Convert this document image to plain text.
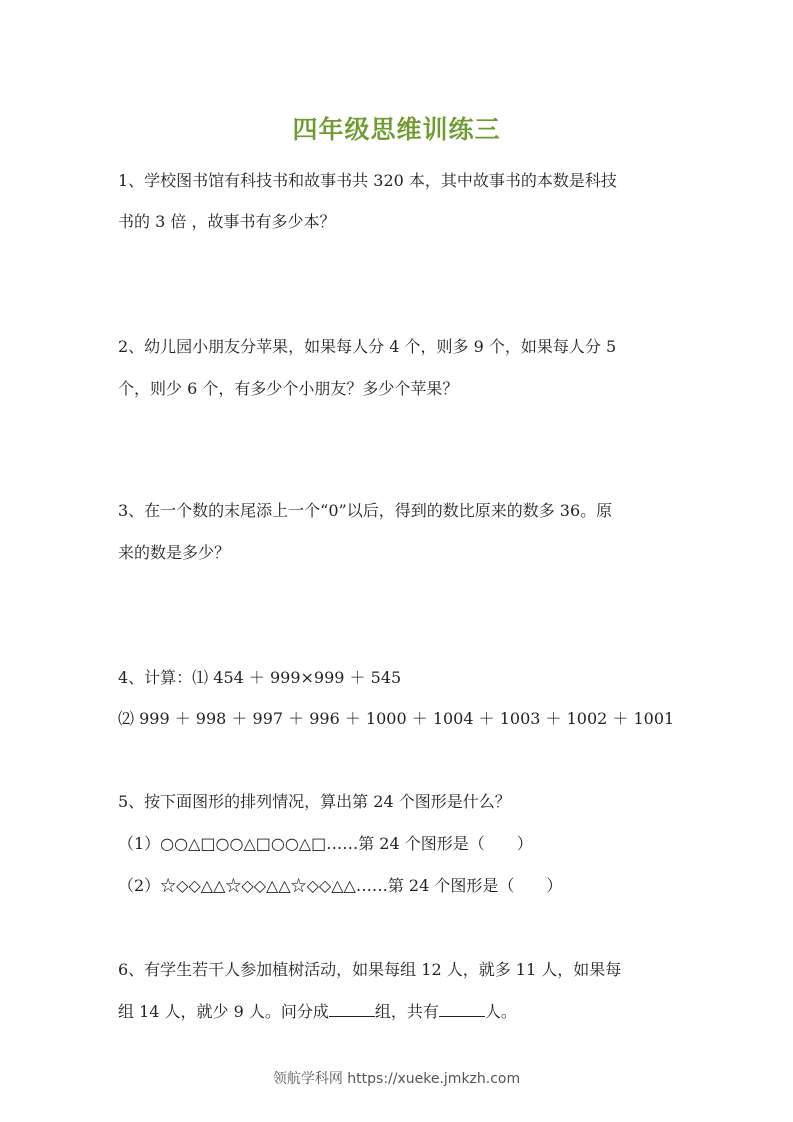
四年级思维训练三
1、学校图书馆有科技书和故事书共 320 本，其中故事书的本数是科技
书的 3 倍 ，故事书有多少本？
2、幼儿园小朋友分苹果，如果每人分 4 个，则多 9 个，如果每人分 5
个，则少 6 个，有多少个小朋友？多少个苹果？
3、在一个数的末尾添上一个“0”以后，得到的数比原来的数多 36。原
来的数是多少？
4、计算：⑴ 454 ＋ 999×999 ＋ 545
⑵ 999 ＋ 998 ＋ 997 ＋ 996 ＋ 1000 ＋ 1004 ＋ 1003 ＋ 1002 ＋ 1001
5、按下面图形的排列情况，算出第 24 个图形是什么？
（1）○○△□○○△□○○△□……第 24 个图形是（　　）
（2）☆◇◇△△☆◇◇△△☆◇◇△△……第 24 个图形是（　　）
6、有学生若干人参加植树活动，如果每组 12 人，就多 11 人，如果每
组 14 人，就少 9 人。问分成	组，共有	人。
领航学科网 https://xueke.jmkzh.com
